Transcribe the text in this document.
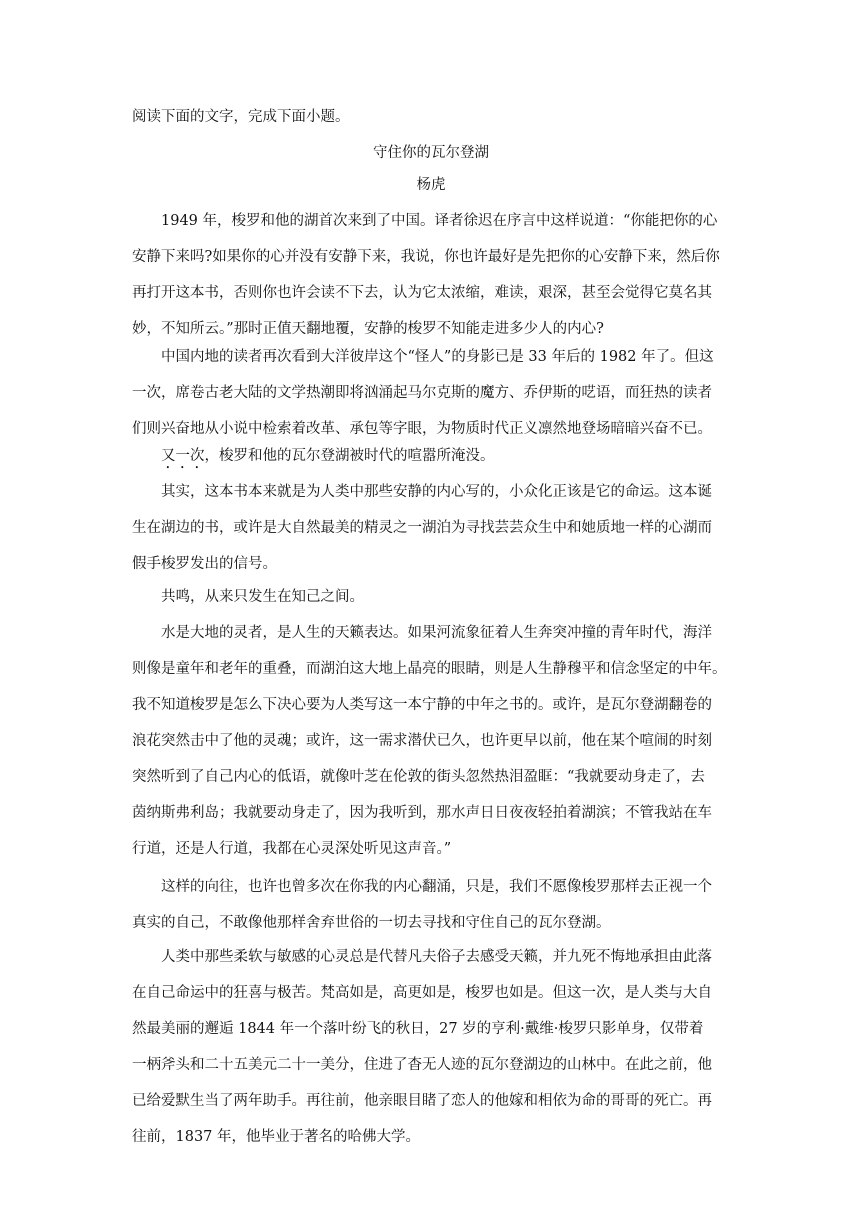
阅读下面的文字，完成下面小题。

守住你的瓦尔登湖

杨虎

1949 年，梭罗和他的湖首次来到了中国。译者徐迟在序言中这样说道：“你能把你的心

安静下来吗?如果你的心并没有安静下来，我说，你也许最好是先把你的心安静下来，然后你

再打开这本书，否则你也许会读不下去，认为它太浓缩，难读，艰深，甚至会觉得它莫名其

妙，不知所云。”那时正值天翻地覆，安静的梭罗不知能走进多少人的内心?

中国内地的读者再次看到大洋彼岸这个“怪人”的身影已是 33 年后的 1982 年了。但这

一次，席卷古老大陆的文学热潮即将汹涌起马尔克斯的魔方、乔伊斯的呓语，而狂热的读者

们则兴奋地从小说中检索着改革、承包等字眼，为物质时代正义凛然地登场暗暗兴奋不已。

又一次，梭罗和他的瓦尔登湖被时代的喧嚣所淹没。

其实，这本书本来就是为人类中那些安静的内心写的，小众化正该是它的命运。这本诞

生在湖边的书，或许是大自然最美的精灵之一湖泊为寻找芸芸众生中和她质地一样的心湖而

假手梭罗发出的信号。

共鸣，从来只发生在知己之间。

水是大地的灵者，是人生的天籁表达。如果河流象征着人生奔突冲撞的青年时代，海洋

则像是童年和老年的重叠，而湖泊这大地上晶亮的眼睛，则是人生静穆平和信念坚定的中年。

我不知道梭罗是怎么下决心要为人类写这一本宁静的中年之书的。或许，是瓦尔登湖翻卷的

浪花突然击中了他的灵魂；或许，这一需求潜伏已久，也许更早以前，他在某个喧闹的时刻

突然听到了自己内心的低语，就像叶芝在伦敦的街头忽然热泪盈眶：“我就要动身走了，去

茵纳斯弗利岛；我就要动身走了，因为我听到，那水声日日夜夜轻拍着湖滨；不管我站在车

行道，还是人行道，我都在心灵深处听见这声音。”

这样的向往，也许也曾多次在你我的内心翻涌，只是，我们不愿像梭罗那样去正视一个

真实的自己，不敢像他那样舍弃世俗的一切去寻找和守住自己的瓦尔登湖。

人类中那些柔软与敏感的心灵总是代替凡夫俗子去感受天籁，并九死不悔地承担由此落

在自己命运中的狂喜与极苦。梵高如是，高更如是，梭罗也如是。但这一次，是人类与大自

然最美丽的邂逅 1844 年一个落叶纷飞的秋日，27 岁的亨利·戴维·梭罗只影单身，仅带着

一柄斧头和二十五美元二十一美分，住进了杳无人迹的瓦尔登湖边的山林中。在此之前，他

已给爱默生当了两年助手。再往前，他亲眼目睹了恋人的他嫁和相依为命的哥哥的死亡。再

往前，1837 年，他毕业于著名的哈佛大学。
